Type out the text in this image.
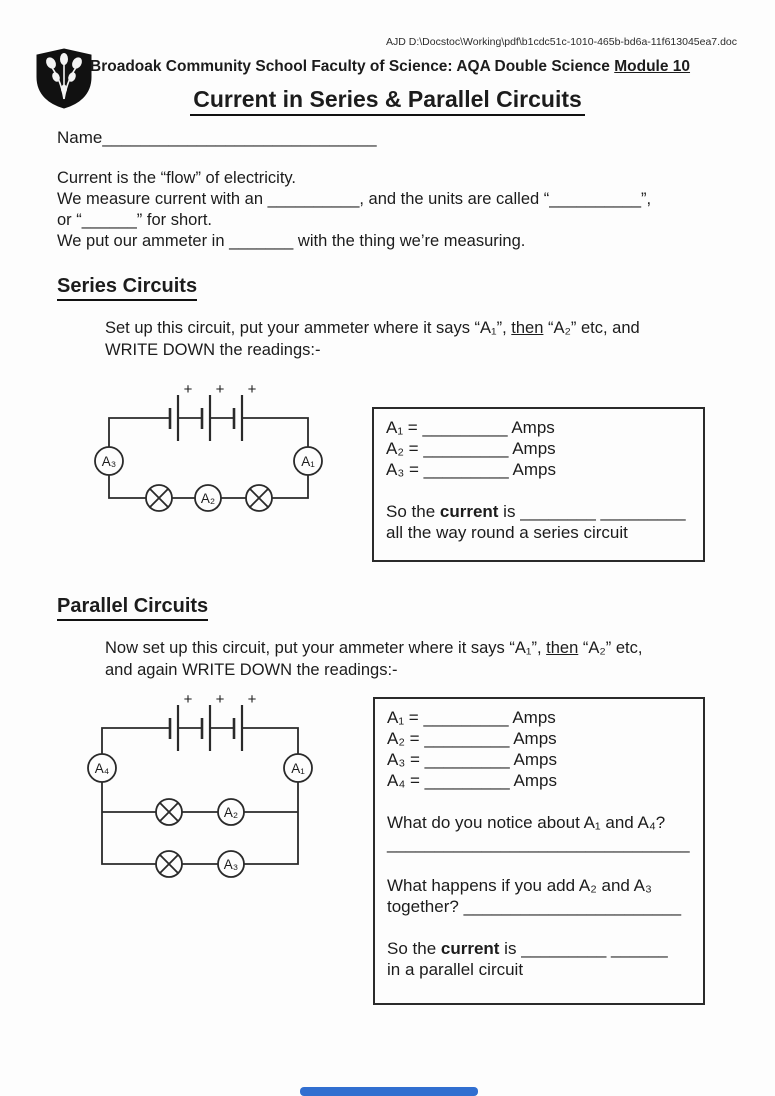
AJD D:\Docstoc\Working\pdf\b1cdc51c-1010-465b-bd6a-11f613045ea7.doc
Broadoak Community School Faculty of Science: AQA Double Science Module 10
Current in Series & Parallel Circuits
Name_____________________________
Current is the “flow” of electricity.
We measure current with an __________, and the units are called “__________”,
or “______” for short.
We put our ammeter in _______ with the thing we’re measuring.
Series Circuits
Set up this circuit, put your ammeter where it says “A₁”, then “A₂” etc, and
WRITE DOWN the readings:-
+ + +
A₃	A₁
A₂
A₁ = _________ Amps
A₂ = _________ Amps
A₃ = _________ Amps
So the current is ________ _________
all the way round a series circuit
Parallel Circuits
Now set up this circuit, put your ammeter where it says “A₁”, then “A₂” etc,
and again WRITE DOWN the readings:-
+ + +
A₄	A₁
A₂
A₃
A₁ = _________ Amps
A₂ = _________ Amps
A₃ = _________ Amps
A₄ = _________ Amps
What do you notice about A₁ and A₄?
________________________________
What happens if you add A₂ and A₃
together? _______________________
So the current is _________ ______
in a parallel circuit
